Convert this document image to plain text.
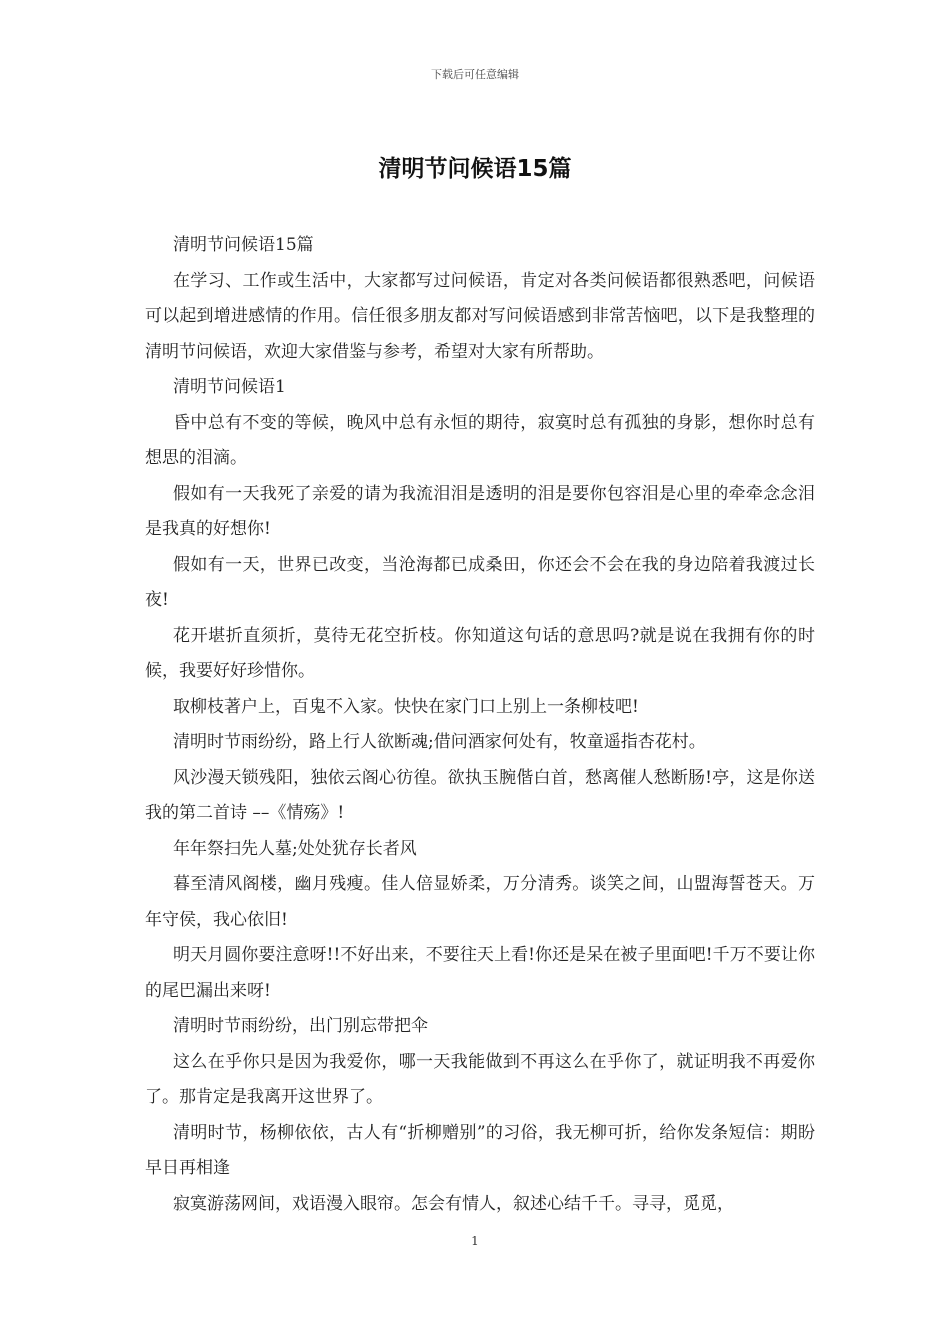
下载后可任意编辑
清明节问候语15篇

清明节问候语15篇

在学习、工作或生活中，大家都写过问候语，肯定对各类问候语都很熟悉吧，问候语可以起到增进感情的作用。信任很多朋友都对写问候语感到非常苦恼吧，以下是我整理的清明节问候语，欢迎大家借鉴与参考，希望对大家有所帮助。

清明节问候语1

昏中总有不变的等候，晚风中总有永恒的期待，寂寞时总有孤独的身影，想你时总有想思的泪滴。

假如有一天我死了亲爱的请为我流泪泪是透明的泪是要你包容泪是心里的牵牵念念泪是我真的好想你!

假如有一天，世界已改变，当沧海都已成桑田，你还会不会在我的身边陪着我渡过长夜!

花开堪折直须折，莫待无花空折枝。你知道这句话的意思吗?就是说在我拥有你的时候，我要好好珍惜你。

取柳枝著户上，百鬼不入家。快快在家门口上别上一条柳枝吧!

清明时节雨纷纷，路上行人欲断魂;借问酒家何处有，牧童遥指杏花村。

风沙漫天锁残阳，独依云阁心彷徨。欲执玉腕偕白首，愁离催人愁断肠!亭，这是你送我的第二首诗 ––《情殇》!

年年祭扫先人墓;处处犹存长者风

暮至清风阁楼，幽月残瘦。佳人倍显娇柔，万分清秀。谈笑之间，山盟海誓苍天。万年守侯，我心依旧!

明天月圆你要注意呀!!不好出来，不要往天上看!你还是呆在被子里面吧!千万不要让你的尾巴漏出来呀!

清明时节雨纷纷，出门别忘带把伞

这么在乎你只是因为我爱你，哪一天我能做到不再这么在乎你了，就证明我不再爱你了。那肯定是我离开这世界了。

清明时节，杨柳依依，古人有“折柳赠别”的习俗，我无柳可折，给你发条短信：期盼早日再相逢

寂寞游荡网间，戏语漫入眼帘。怎会有情人，叙述心结千千。寻寻，觅觅，

1
